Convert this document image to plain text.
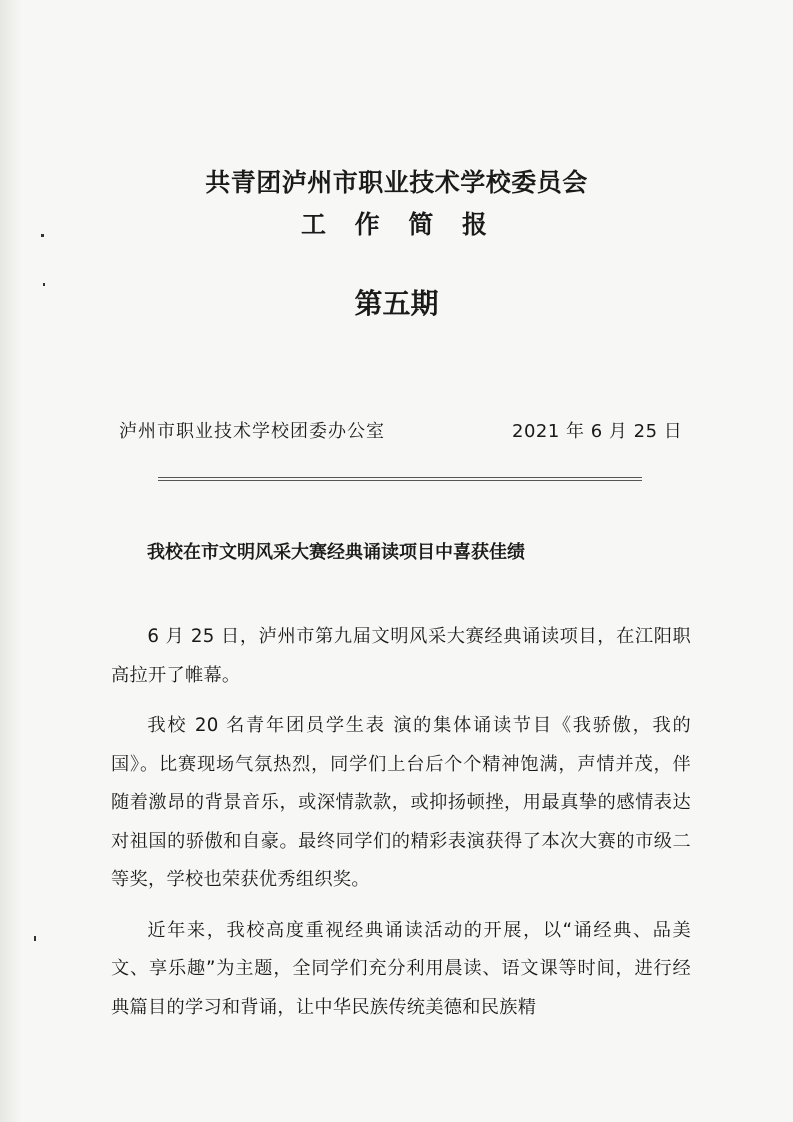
共青团泸州市职业技术学校委员会
工 作 简 报
第五期
泸州市职业技术学校团委办公室	2021 年 6 月 25 日
我校在市文明风采大赛经典诵读项目中喜获佳绩

6 月 25 日，泸州市第九届文明风采大赛经典诵读项目，在江阳职高拉开了帷幕。

我校 20 名青年团员学生表 演的集体诵读节目《我骄傲，我的国》。比赛现场气氛热烈，同学们上台后个个精神饱满，声情并茂，伴随着激昂的背景音乐，或深情款款，或抑扬顿挫，用最真挚的感情表达对祖国的骄傲和自豪。最终同学们的精彩表演获得了本次大赛的市级二等奖，学校也荣获优秀组织奖。

近年来，我校高度重视经典诵读活动的开展，以“诵经典、品美文、享乐趣”为主题，全同学们充分利用晨读、语文课等时间，进行经典篇目的学习和背诵，让中华民族传统美德和民族精
